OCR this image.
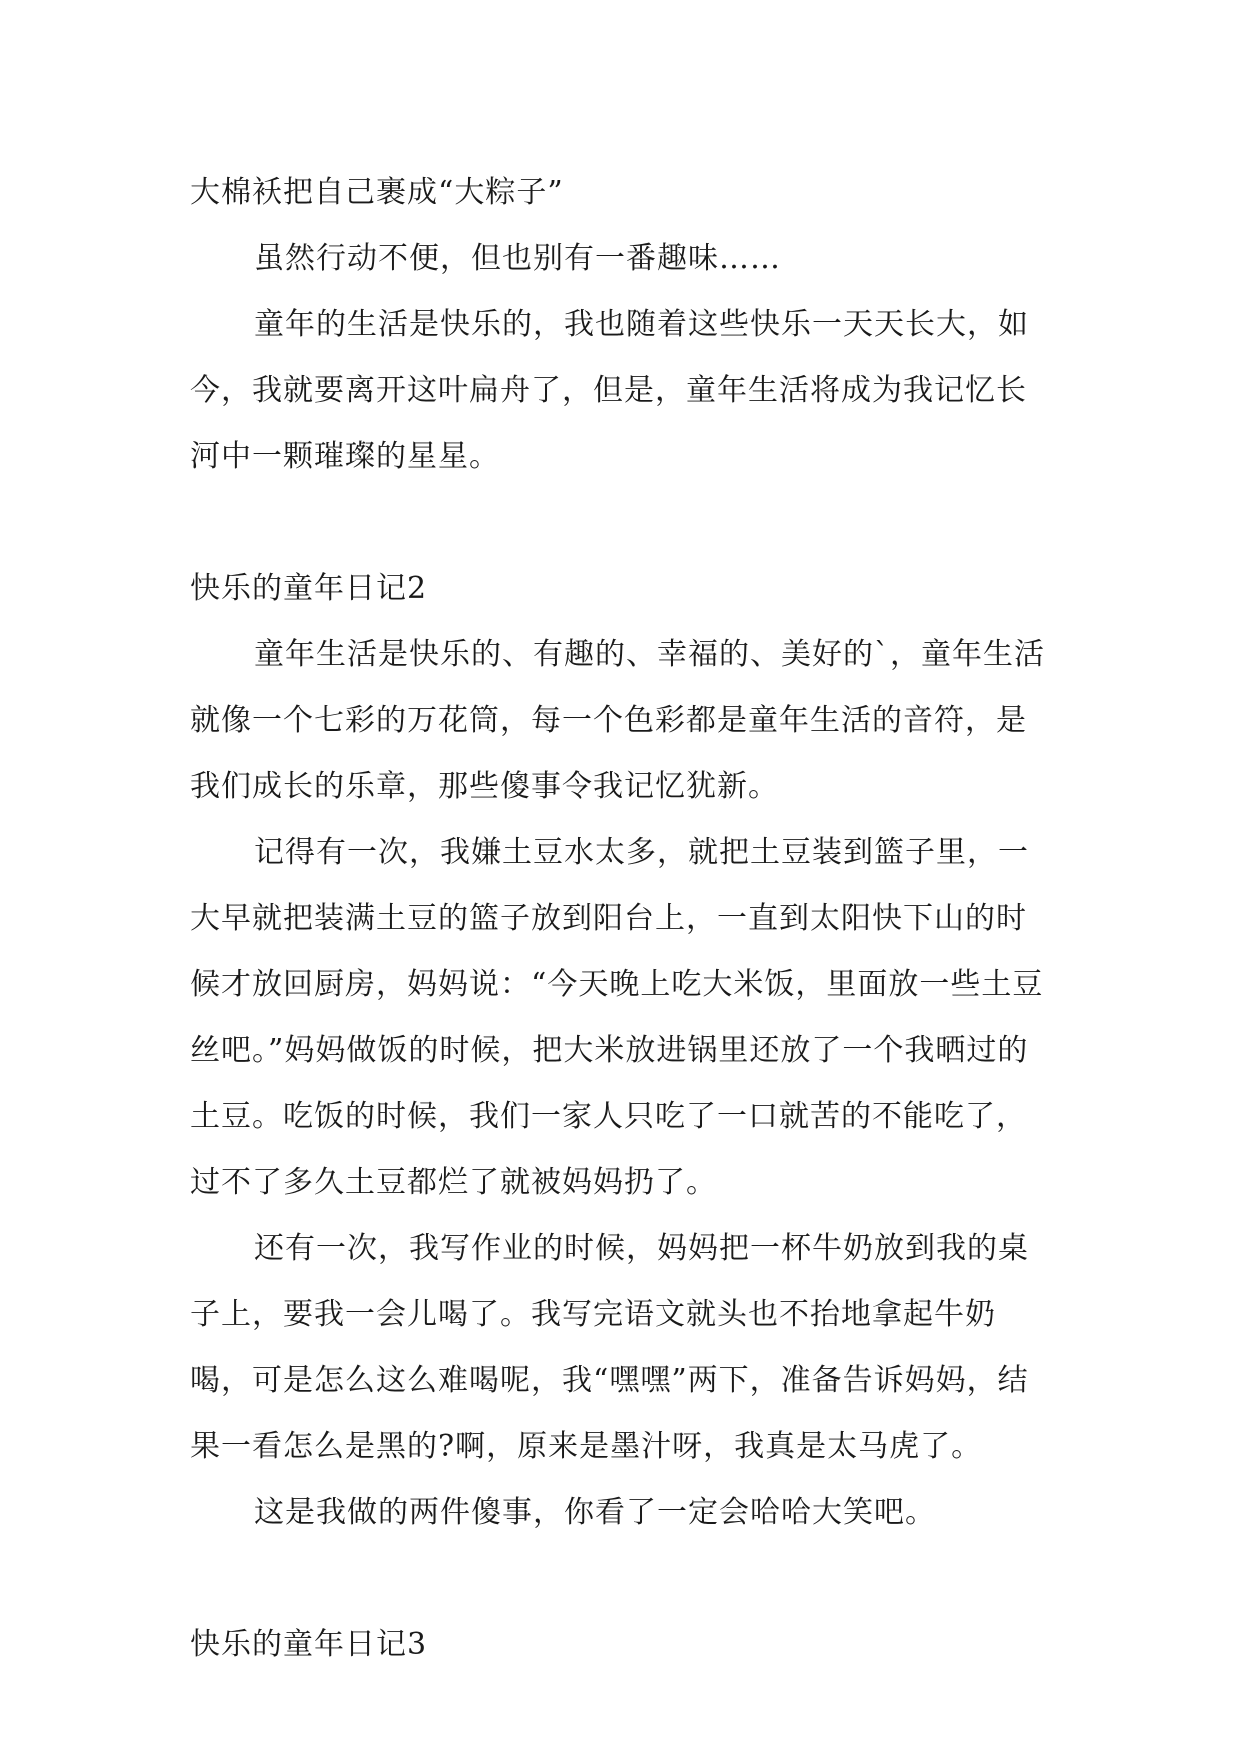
大棉袄把自己裹成“大粽子”

虽然行动不便，但也别有一番趣味……

童年的生活是快乐的，我也随着这些快乐一天天长大，如今，我就要离开这叶扁舟了，但是，童年生活将成为我记忆长河中一颗璀璨的星星。

快乐的童年日记2

童年生活是快乐的、有趣的、幸福的、美好的`，童年生活就像一个七彩的万花筒，每一个色彩都是童年生活的音符，是我们成长的乐章，那些傻事令我记忆犹新。

记得有一次，我嫌土豆水太多，就把土豆装到篮子里，一大早就把装满土豆的篮子放到阳台上，一直到太阳快下山的时候才放回厨房，妈妈说：“今天晚上吃大米饭，里面放一些土豆丝吧。”妈妈做饭的时候，把大米放进锅里还放了一个我晒过的土豆。吃饭的时候，我们一家人只吃了一口就苦的不能吃了，过不了多久土豆都烂了就被妈妈扔了。

还有一次，我写作业的时候，妈妈把一杯牛奶放到我的桌子上，要我一会儿喝了。我写完语文就头也不抬地拿起牛奶喝，可是怎么这么难喝呢，我“嘿嘿”两下，准备告诉妈妈，结果一看怎么是黑的?啊，原来是墨汁呀，我真是太马虎了。

这是我做的两件傻事，你看了一定会哈哈大笑吧。

快乐的童年日记3
